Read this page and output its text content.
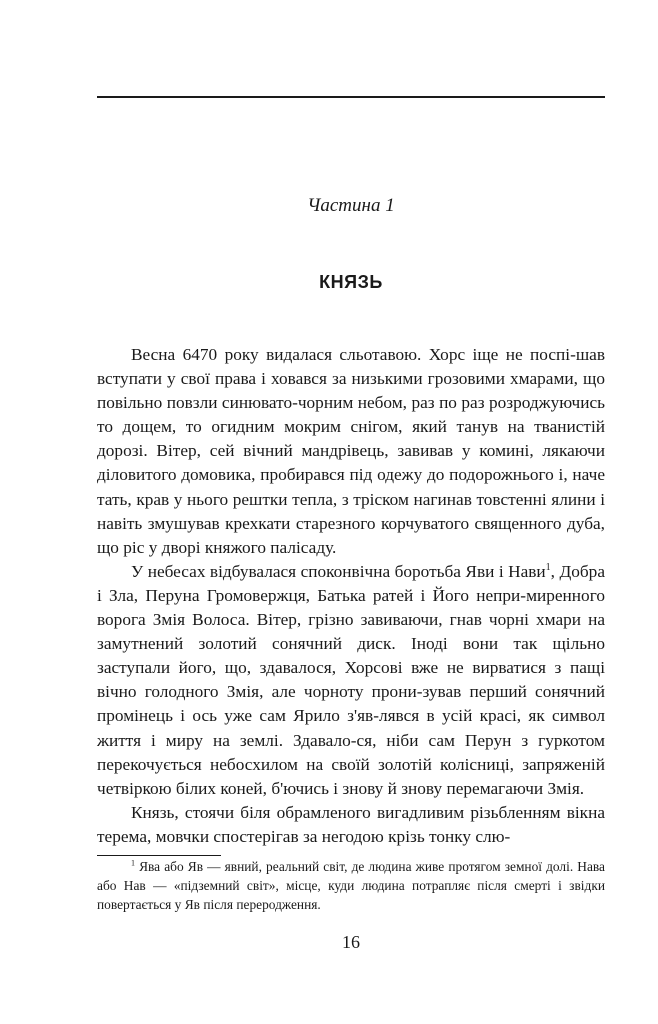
Частина 1
КНЯЗЬ

Весна 6470 року видалася сльотавою. Хорс іще не поспі-шав вступати у свої права і ховався за низькими грозовими хмарами, що повільно повзли синювато-чорним небом, раз по раз розроджуючись то дощем, то огидним мокрим снігом, який танув на тванистій дорозі. Вітер, сей вічний мандрівець, завивав у комині, лякаючи діловитого домовика, пробирався під одежу до подорожнього і, наче тать, крав у нього рештки тепла, з тріском нагинав товстенні ялини і навіть змушував крехкати старезного корчуватого священного дуба, що ріс у дворі княжого палісаду.

У небесах відбувалася споконвічна боротьба Яви і Нави$^1$, Добра і Зла, Перуна Громовержця, Батька ратей і Його непри-миренного ворога Змія Волоса. Вітер, грізно завиваючи, гнав чорні хмари на замутнений золотий сонячний диск. Іноді вони так щільно заступали його, що, здавалося, Хорсові вже не вирватися з пащі вічно голодного Змія, але чорноту прони-зував перший сонячний промінець і ось уже сам Ярило з'яв-лявся в усій красі, як символ життя і миру на землі. Здавало-ся, ніби сам Перун з гуркотом перекочується небосхилом на своїй золотій колісниці, запряженій четвіркою білих коней, б'ючись і знову й знову перемагаючи Змія.

Князь, стоячи біля обрамленого вигадливим різьбленням вікна терема, мовчки спостерігав за негодою крізь тонку слю-

$^1$ Ява або Яв — явний, реальний світ, де людина живе протягом земної долі. Нава або Нав — «підземний світ», місце, куди людина потрапляє після смерті і звідки повертається у Яв після переродження.
16
